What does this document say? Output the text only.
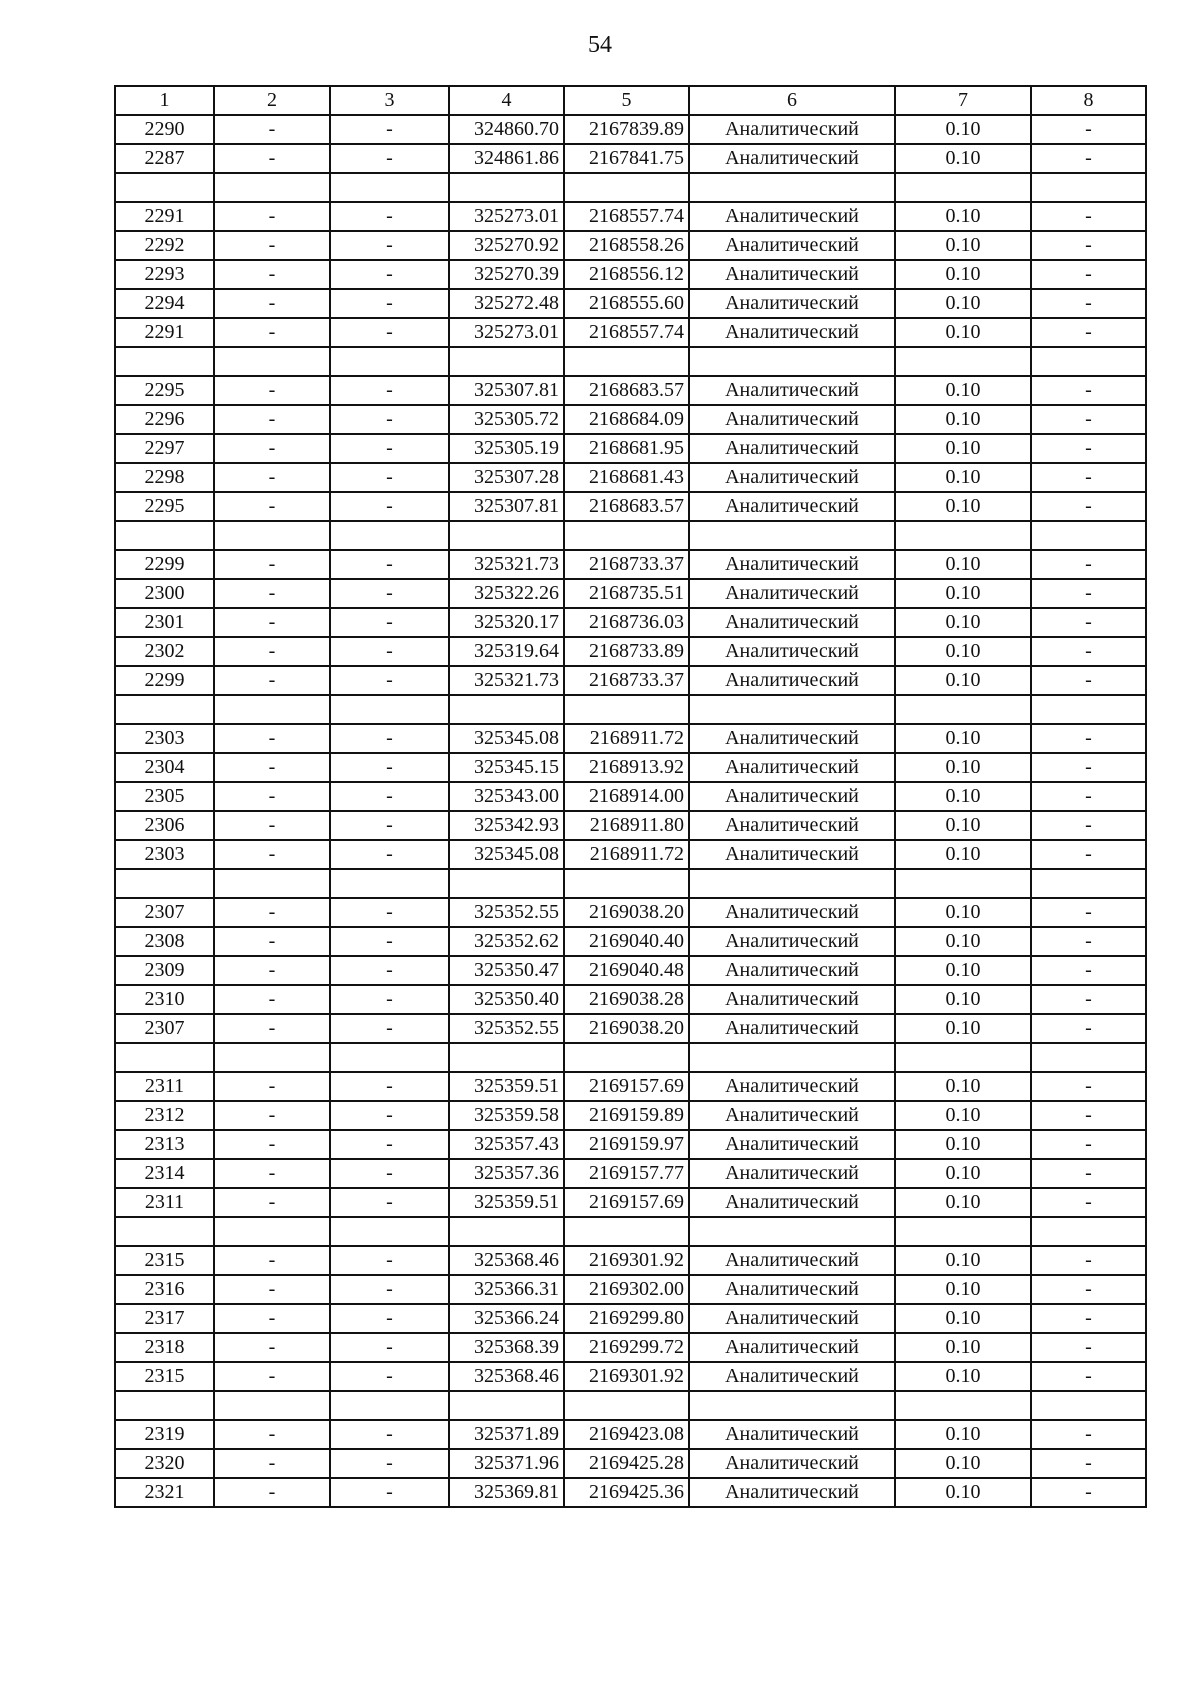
54
1	2	3	4	5	6	7	8
2290	-	-	324860.70	2167839.89	Аналитический	0.10	-
2287	-	-	324861.86	2167841.75	Аналитический	0.10	-

2291	-	-	325273.01	2168557.74	Аналитический	0.10	-
2292	-	-	325270.92	2168558.26	Аналитический	0.10	-
2293	-	-	325270.39	2168556.12	Аналитический	0.10	-
2294	-	-	325272.48	2168555.60	Аналитический	0.10	-
2291	-	-	325273.01	2168557.74	Аналитический	0.10	-

2295	-	-	325307.81	2168683.57	Аналитический	0.10	-
2296	-	-	325305.72	2168684.09	Аналитический	0.10	-
2297	-	-	325305.19	2168681.95	Аналитический	0.10	-
2298	-	-	325307.28	2168681.43	Аналитический	0.10	-
2295	-	-	325307.81	2168683.57	Аналитический	0.10	-

2299	-	-	325321.73	2168733.37	Аналитический	0.10	-
2300	-	-	325322.26	2168735.51	Аналитический	0.10	-
2301	-	-	325320.17	2168736.03	Аналитический	0.10	-
2302	-	-	325319.64	2168733.89	Аналитический	0.10	-
2299	-	-	325321.73	2168733.37	Аналитический	0.10	-

2303	-	-	325345.08	2168911.72	Аналитический	0.10	-
2304	-	-	325345.15	2168913.92	Аналитический	0.10	-
2305	-	-	325343.00	2168914.00	Аналитический	0.10	-
2306	-	-	325342.93	2168911.80	Аналитический	0.10	-
2303	-	-	325345.08	2168911.72	Аналитический	0.10	-

2307	-	-	325352.55	2169038.20	Аналитический	0.10	-
2308	-	-	325352.62	2169040.40	Аналитический	0.10	-
2309	-	-	325350.47	2169040.48	Аналитический	0.10	-
2310	-	-	325350.40	2169038.28	Аналитический	0.10	-
2307	-	-	325352.55	2169038.20	Аналитический	0.10	-

2311	-	-	325359.51	2169157.69	Аналитический	0.10	-
2312	-	-	325359.58	2169159.89	Аналитический	0.10	-
2313	-	-	325357.43	2169159.97	Аналитический	0.10	-
2314	-	-	325357.36	2169157.77	Аналитический	0.10	-
2311	-	-	325359.51	2169157.69	Аналитический	0.10	-

2315	-	-	325368.46	2169301.92	Аналитический	0.10	-
2316	-	-	325366.31	2169302.00	Аналитический	0.10	-
2317	-	-	325366.24	2169299.80	Аналитический	0.10	-
2318	-	-	325368.39	2169299.72	Аналитический	0.10	-
2315	-	-	325368.46	2169301.92	Аналитический	0.10	-

2319	-	-	325371.89	2169423.08	Аналитический	0.10	-
2320	-	-	325371.96	2169425.28	Аналитический	0.10	-
2321	-	-	325369.81	2169425.36	Аналитический	0.10	-
